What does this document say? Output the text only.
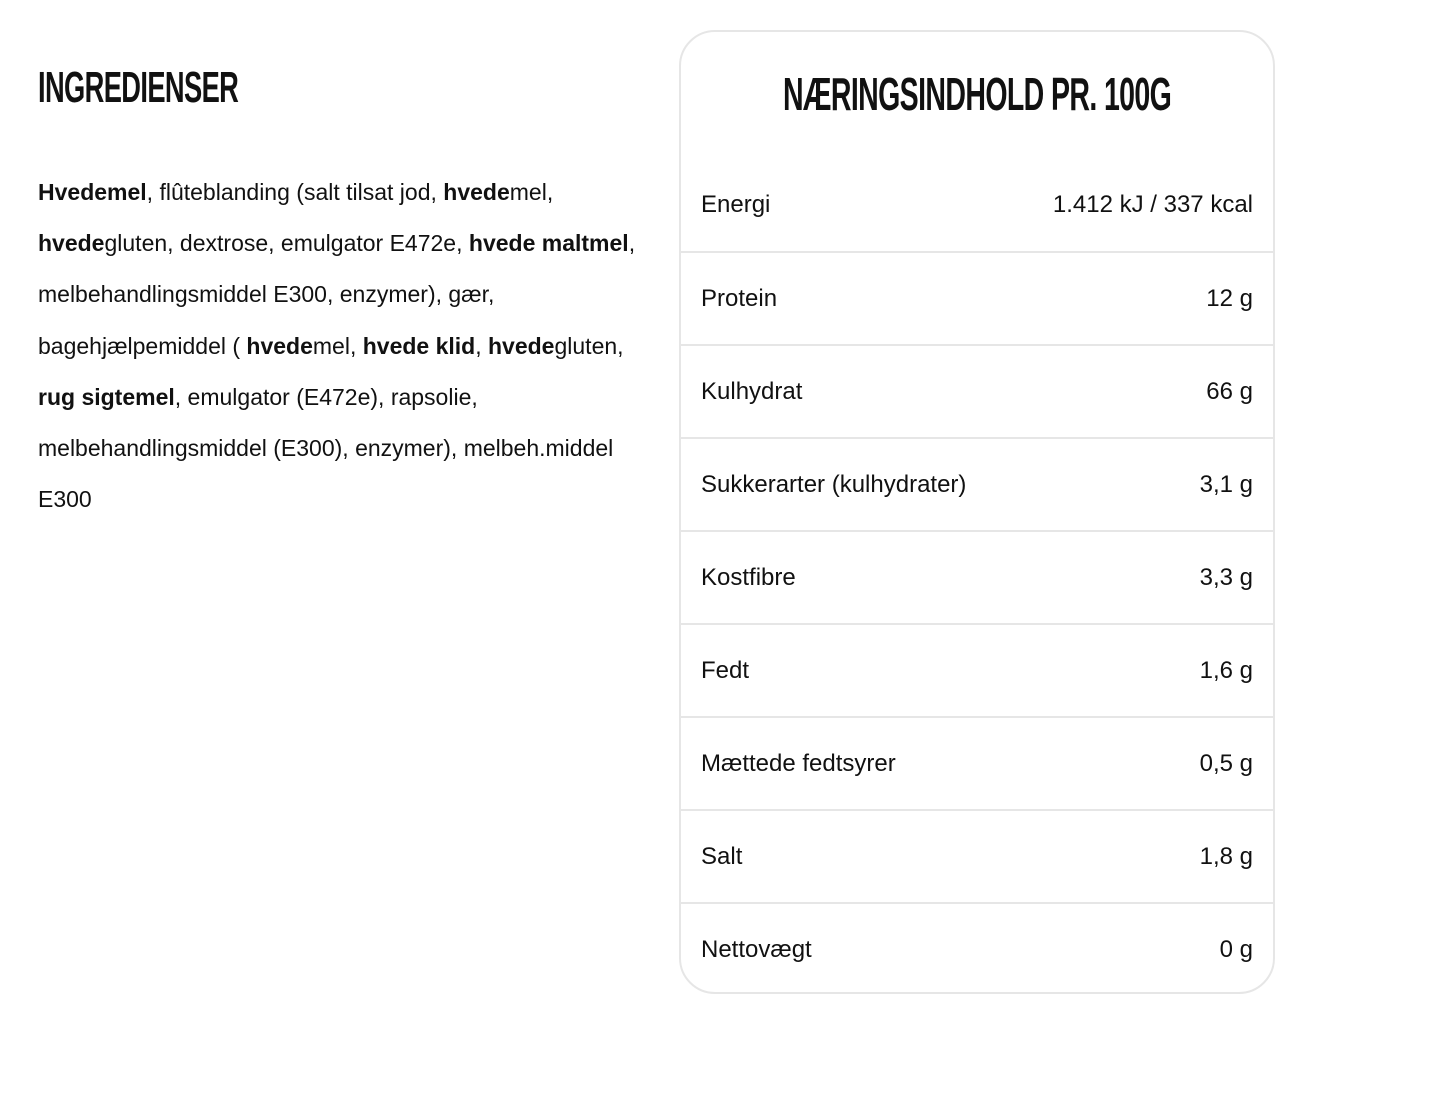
INGREDIENSER

Hvedemel, flûteblanding (salt tilsat jod, hvedemel, hvedegluten, dextrose, emulgator E472e, hvede maltmel, melbehandlingsmiddel E300, enzymer), gær, bagehjælpemiddel ( hvedemel, hvede klid, hvedegluten, rug sigtemel, emulgator (E472e), rapsolie, melbehandlingsmiddel (E300), enzymer), melbeh.middel E300

NÆRINGSINDHOLD PR. 100G
Energi	1.412 kJ / 337 kcal
Protein	12 g
Kulhydrat	66 g
Sukkerarter (kulhydrater)	3,1 g
Kostfibre	3,3 g
Fedt	1,6 g
Mættede fedtsyrer	0,5 g
Salt	1,8 g
Nettovægt	0 g
